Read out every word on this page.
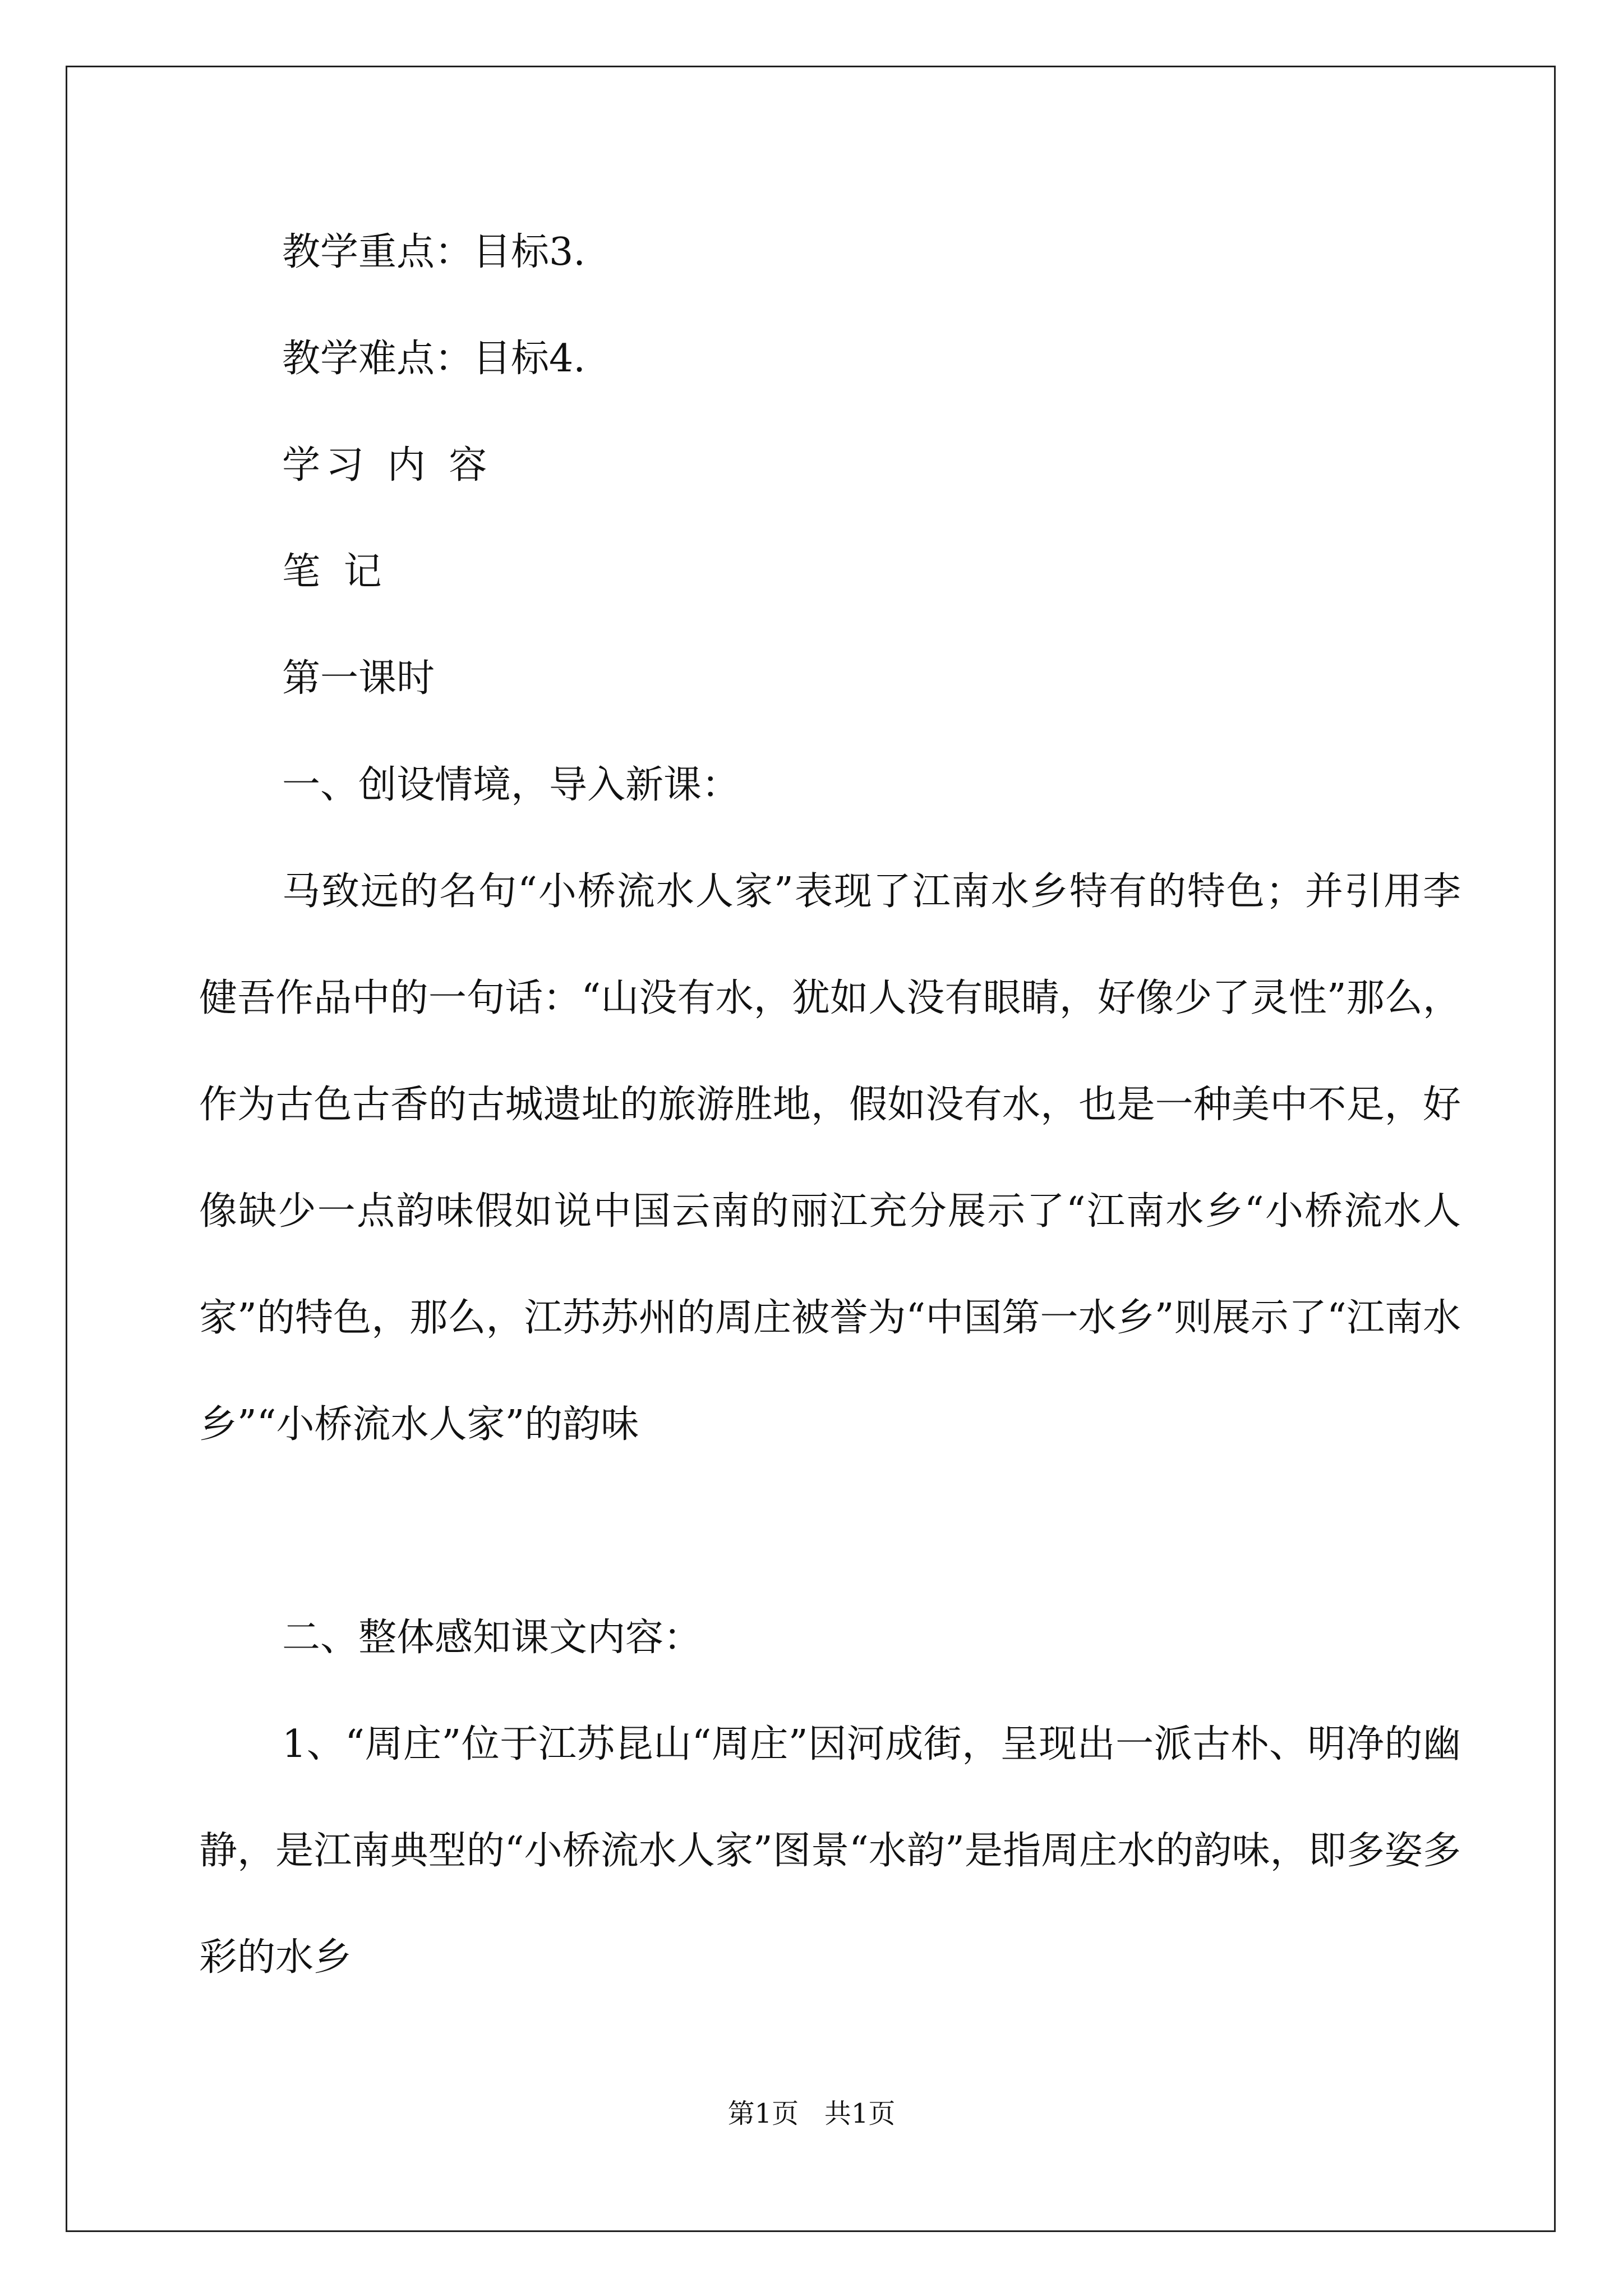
教学重点：目标3.

教学难点：目标4.

学习 内 容

笔 记

第一课时

一、创设情境，导入新课：

马致远的名句“小桥流水人家”表现了江南水乡特有的特色；并引用李健吾作品中的一句话：“山没有水，犹如人没有眼睛，好像少了灵性”那么，作为古色古香的古城遗址的旅游胜地，假如没有水，也是一种美中不足，好像缺少一点韵味假如说中国云南的丽江充分展示了“江南水乡“小桥流水人家”的特色，那么，江苏苏州的周庄被誉为“中国第一水乡”则展示了“江南水乡”“小桥流水人家”的韵味

二、整体感知课文内容：

1、“周庄”位于江苏昆山“周庄”因河成街，呈现出一派古朴、明净的幽静，是江南典型的“小桥流水人家”图景“水韵”是指周庄水的韵味，即多姿多彩的水乡

第1页   共1页
